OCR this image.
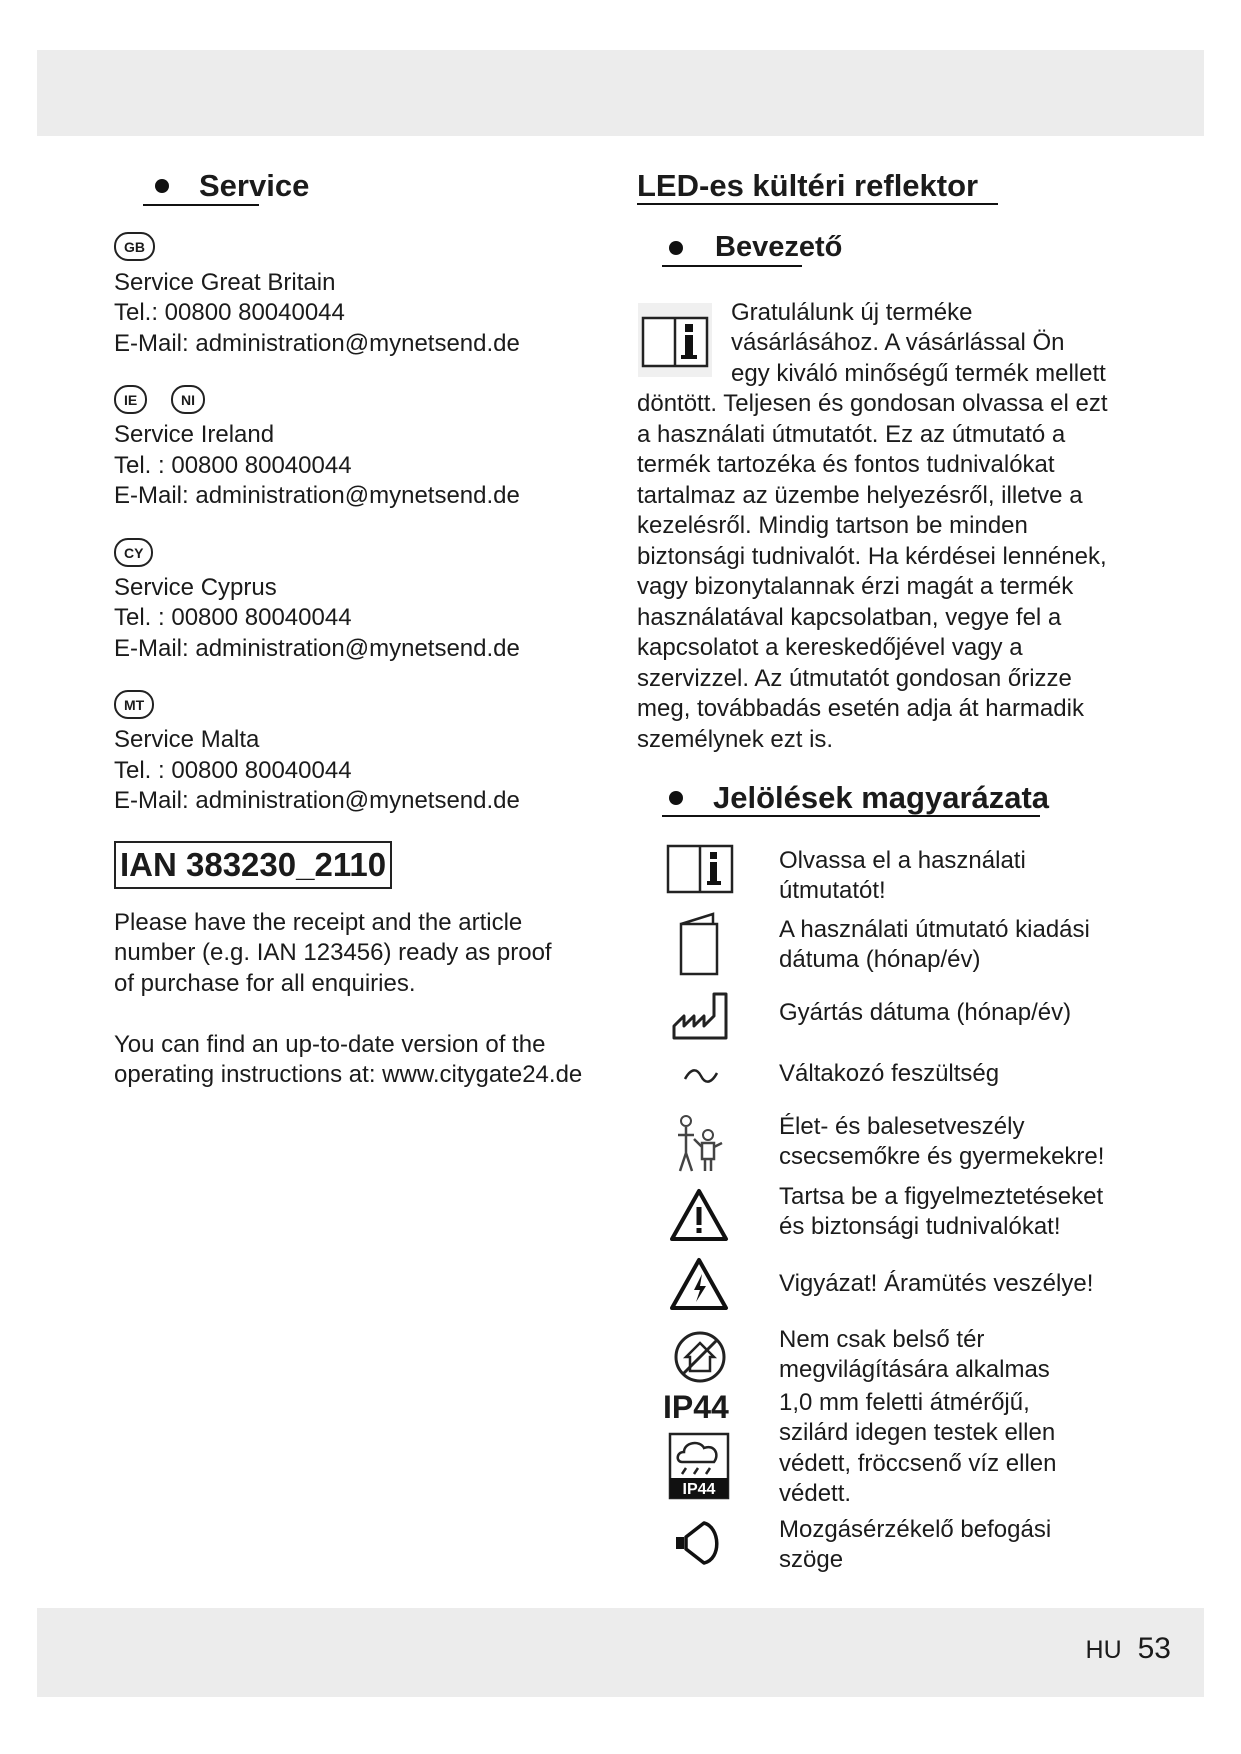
Service
GB
Service Great Britain
Tel.: 00800 80040044
E-Mail: administration@mynetsend.de
IE	NI
Service Ireland
Tel. : 00800 80040044
E-Mail: administration@mynetsend.de
CY
Service Cyprus
Tel. : 00800 80040044
E-Mail: administration@mynetsend.de
MT
Service Malta
Tel. : 00800 80040044
E-Mail: administration@mynetsend.de
IAN 383230_2110
Please have the receipt and the article
number (e.g. IAN 123456) ready as proof
of purchase for all enquiries.
You can find an up-to-date version of the
operating instructions at: www.citygate24.de
LED-es kültéri reflektor
Bevezető
Gratulálunk új terméke
vásárlásához. A vásárlással Ön
egy kiváló minőségű termék mellett
döntött. Teljesen és gondosan olvassa el ezt
a használati útmutatót. Ez az útmutató a
termék tartozéka és fontos tudnivalókat
tartalmaz az üzembe helyezésről, illetve a
kezelésről. Mindig tartson be minden
biztonsági tudnivalót. Ha kérdései lennének,
vagy bizonytalannak érzi magát a termék
használatával kapcsolatban, vegye fel a
kapcsolatot a kereskedőjével vagy a
szervizzel. Az útmutatót gondosan őrizze
meg, továbbadás esetén adja át harmadik
személynek ezt is.
Jelölések magyarázata
IP44
IP44
Olvassa el a használati
útmutatót!
A használati útmutató kiadási
dátuma (hónap/év)
Gyártás dátuma (hónap/év)
Váltakozó feszültség
Élet- és balesetveszély
csecsemőkre és gyermekekre!
Tartsa be a figyelmeztetéseket
és biztonsági tudnivalókat!
Vigyázat! Áramütés veszélye!
Nem csak belső tér
megvilágítására alkalmas
1,0 mm feletti átmérőjű,
szilárd idegen testek ellen
védett, fröccsenő víz ellen
védett.
Mozgásérzékelő befogási
szöge
HU 53
